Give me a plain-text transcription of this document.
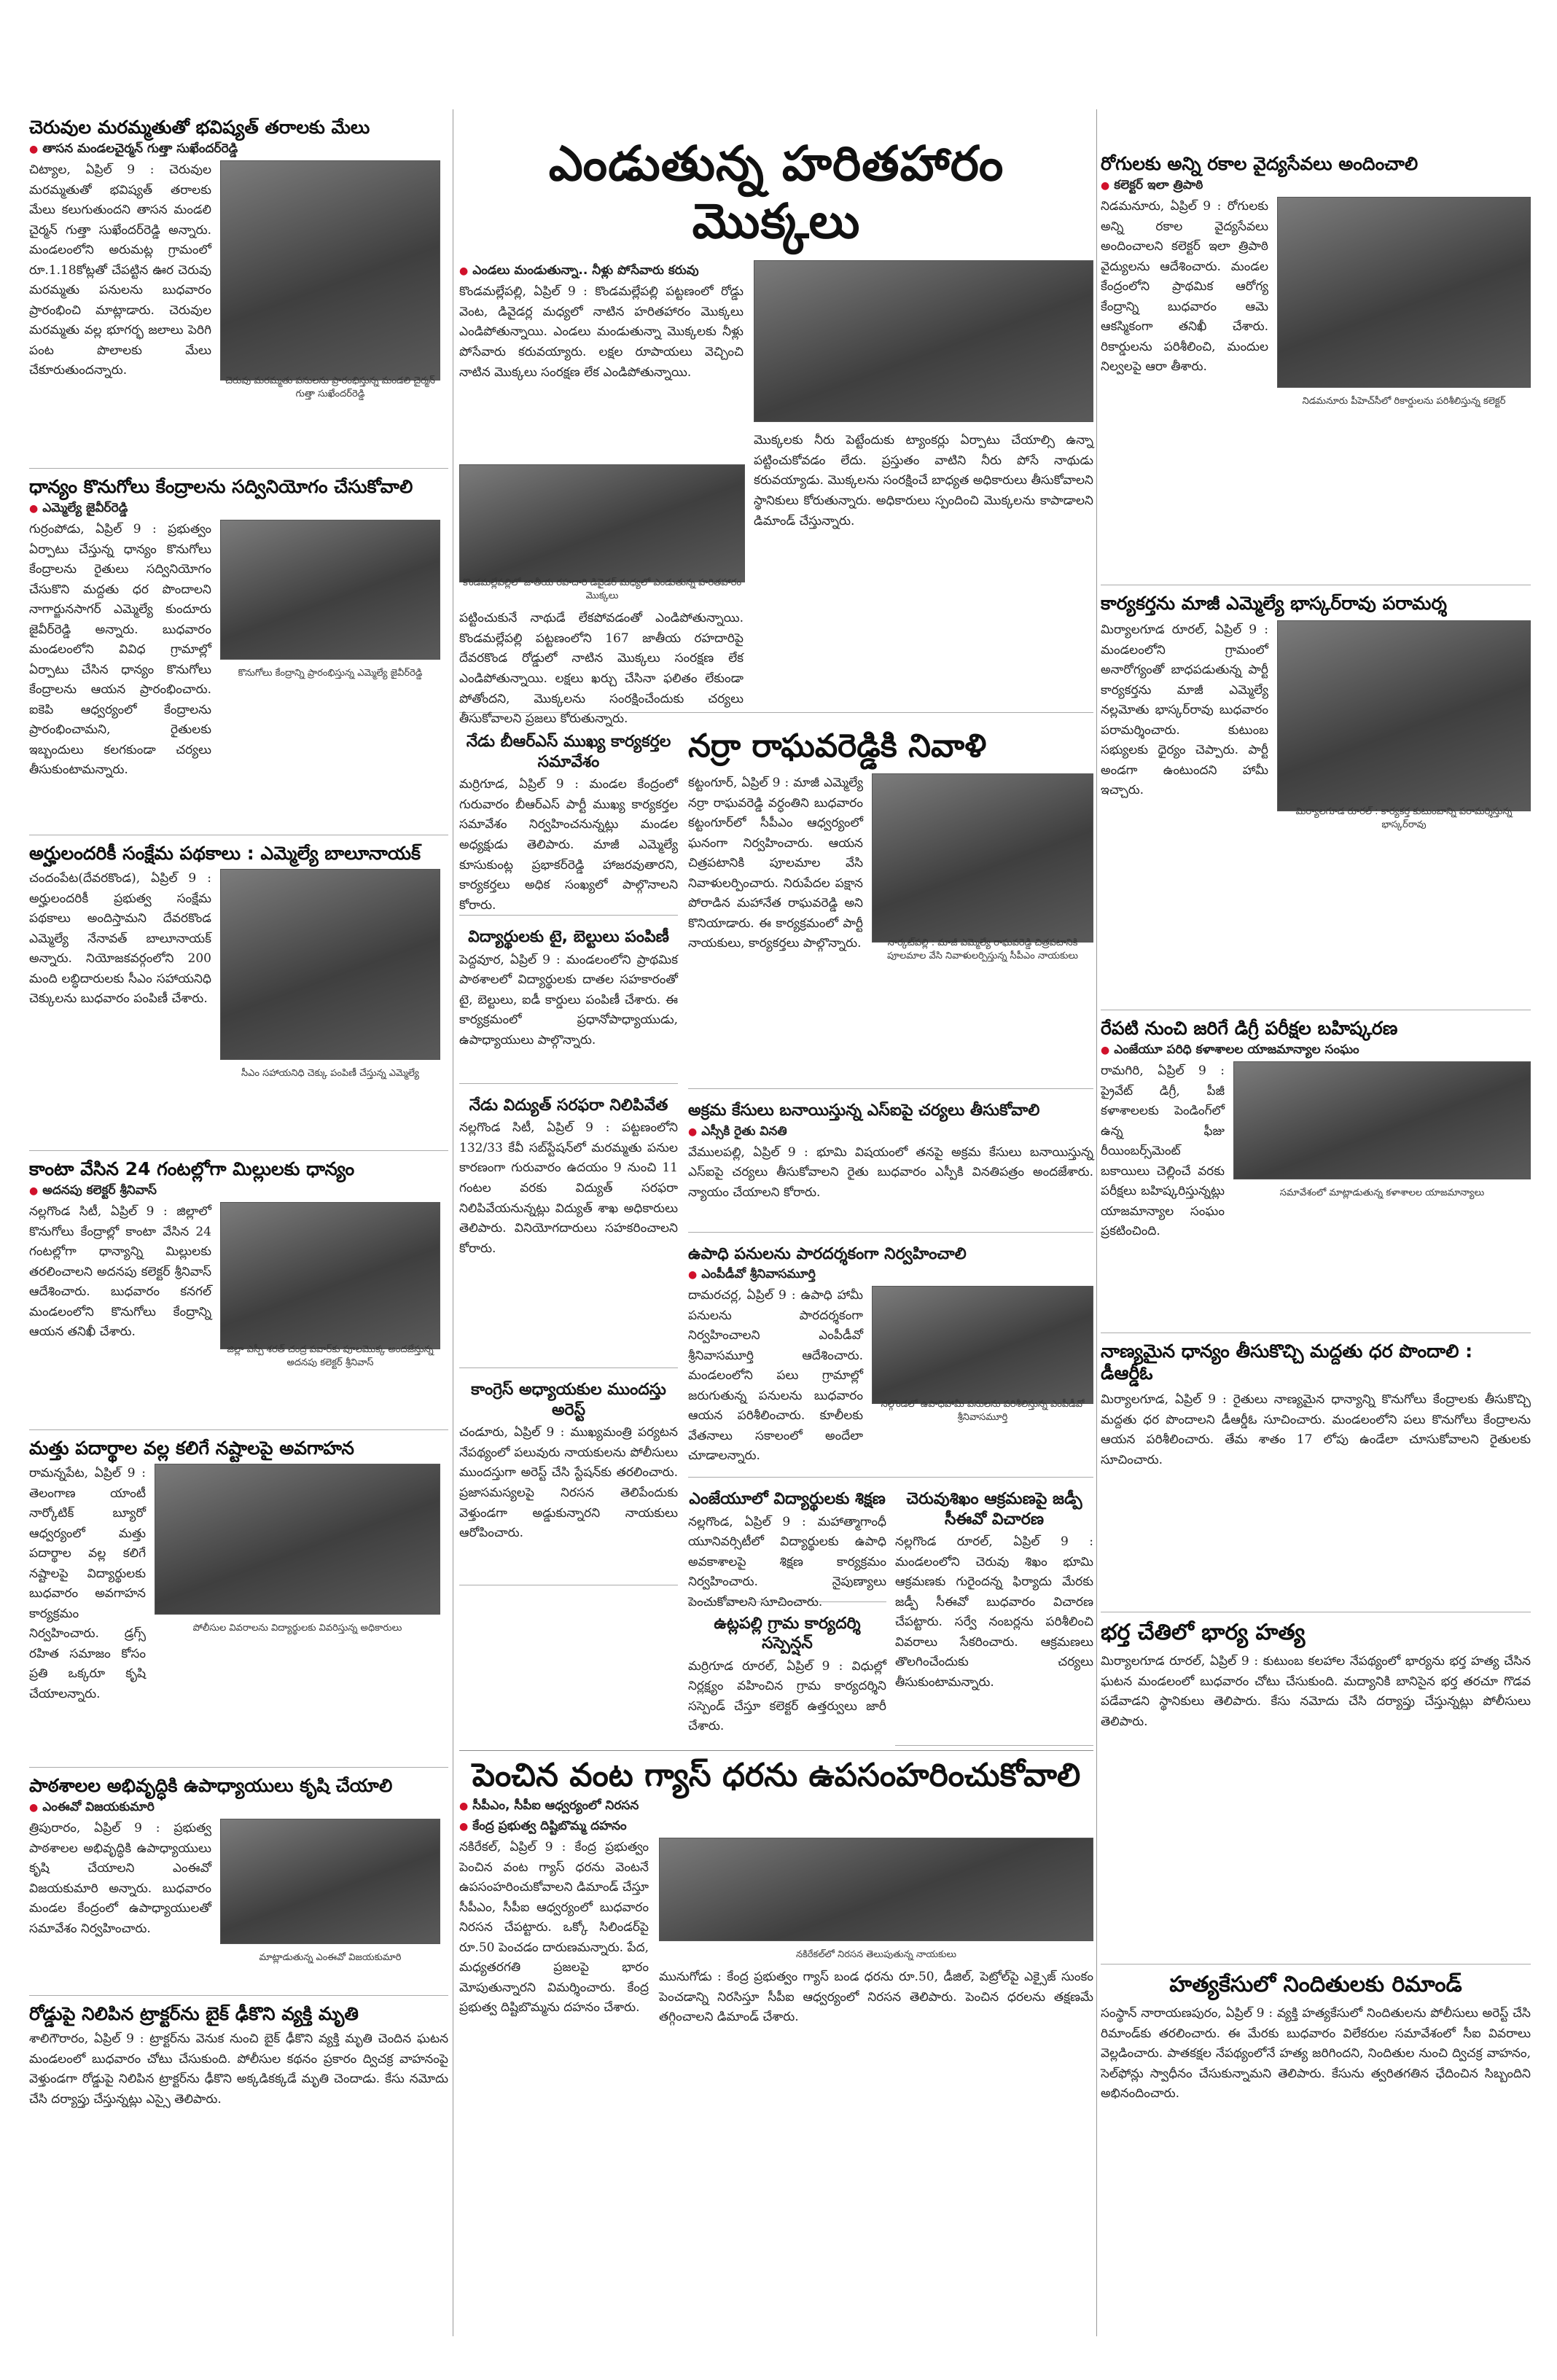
చెరువుల మరమ్మతుతో భవిష్యత్ తరాలకు మేలు
● తాసన మండలచైర్మన్ గుత్తా సుఖేందర్‌రెడ్డి

చిట్యాల, ఏప్రిల్ 9 : చెరువుల మరమ్మతుతో భవిష్యత్ తరాలకు మేలు కలుగుతుందని తాసన మండలి చైర్మన్ గుత్తా సుఖేందర్‌రెడ్డి అన్నారు. మండలంలోని అరుమట్ల గ్రామంలో రూ.1.18కోట్లతో చేపట్టిన ఊర చెరువు మరమ్మతు పనులను బుధవారం ప్రారంభించి మాట్లాడారు. చెరువుల మరమ్మతు వల్ల భూగర్భ జలాలు పెరిగి పంట పొలాలకు మేలు చేకూరుతుందన్నారు.

చెరువు మరమ్మతు పనులను ప్రారంభిస్తున్న మండలి చైర్మన్ గుత్తా సుఖేందర్‌రెడ్డి
ధాన్యం కొనుగోలు కేంద్రాలను సద్వినియోగం చేసుకోవాలి
● ఎమ్మెల్యే జైవీర్‌రెడ్డి

గుర్రంపోడు, ఏప్రిల్ 9 : ప్రభుత్వం ఏర్పాటు చేస్తున్న ధాన్యం కొనుగోలు కేంద్రాలను రైతులు సద్వినియోగం చేసుకొని మద్దతు ధర పొందాలని నాగార్జునసాగర్ ఎమ్మెల్యే కుందూరు జైవీర్‌రెడ్డి అన్నారు. బుధవారం మండలంలోని వివిధ గ్రామాల్లో ఏర్పాటు చేసిన ధాన్యం కొనుగోలు కేంద్రాలను ఆయన ప్రారంభించారు. ఐకెపి ఆధ్వర్యంలో కేంద్రాలను ప్రారంభించామని, రైతులకు ఇబ్బందులు కలగకుండా చర్యలు తీసుకుంటామన్నారు.

కొనుగోలు కేంద్రాన్ని ప్రారంభిస్తున్న ఎమ్మెల్యే జైవీర్‌రెడ్డి
అర్హులందరికీ సంక్షేమ పథకాలు : ఎమ్మెల్యే బాలూనాయక్

చందంపేట(దేవరకొండ), ఏప్రిల్ 9 : అర్హులందరికీ ప్రభుత్వ సంక్షేమ పథకాలు అందిస్తామని దేవరకొండ ఎమ్మెల్యే నేనావత్ బాలూనాయక్ అన్నారు. నియోజకవర్గంలోని 200 మంది లబ్ధిదారులకు సీఎం సహాయనిధి చెక్కులను బుధవారం పంపిణీ చేశారు.

సీఎం సహాయనిధి చెక్కు పంపిణీ చేస్తున్న ఎమ్మెల్యే
కాంటా వేసిన 24 గంటల్లోగా మిల్లులకు ధాన్యం
● అదనపు కలెక్టర్ శ్రీనివాస్

నల్లగొండ సిటీ, ఏప్రిల్ 9 : జిల్లాలో కొనుగోలు కేంద్రాల్లో కాంటా వేసిన 24 గంటల్లోగా ధాన్యాన్ని మిల్లులకు తరలించాలని అదనపు కలెక్టర్ శ్రీనివాస్ ఆదేశించారు. బుధవారం కనగల్ మండలంలోని కొనుగోలు కేంద్రాన్ని ఆయన తనిఖీ చేశారు.

జిల్లా ఎస్పీ శరత్ చంద్ర పవార్‌కు పూలమొక్క అందజేస్తున్న అదనపు కలెక్టర్ శ్రీనివాస్
మత్తు పదార్థాల వల్ల కలిగే నష్టాలపై అవగాహన

రామన్నపేట, ఏప్రిల్ 9 : తెలంగాణ యాంటీ నార్కోటిక్ బ్యూరో ఆధ్వర్యంలో మత్తు పదార్థాల వల్ల కలిగే నష్టాలపై విద్యార్థులకు బుధవారం అవగాహన కార్యక్రమం నిర్వహించారు. డ్రగ్స్ రహిత సమాజం కోసం ప్రతి ఒక్కరూ కృషి చేయాలన్నారు.

పోలీసుల వివరాలను విద్యార్థులకు వివరిస్తున్న అధికారులు
పాఠశాలల అభివృద్ధికి ఉపాధ్యాయులు కృషి చేయాలి
● ఎంఈవో విజయకుమారి

త్రిపురారం, ఏప్రిల్ 9 : ప్రభుత్వ పాఠశాలల అభివృద్ధికి ఉపాధ్యాయులు కృషి చేయాలని ఎంఈవో విజయకుమారి అన్నారు. బుధవారం మండల కేంద్రంలో ఉపాధ్యాయులతో సమావేశం నిర్వహించారు.

మాట్లాడుతున్న ఎంఈవో విజయకుమారి
రోడ్డుపై నిలిపిన ట్రాక్టర్‌ను బైక్ ఢీకొని వ్యక్తి మృతి

శాలిగౌరారం, ఏప్రిల్ 9 : ట్రాక్టర్‌ను వెనుక నుంచి బైక్ ఢీకొని వ్యక్తి మృతి చెందిన ఘటన మండలంలో బుధవారం చోటు చేసుకుంది. పోలీసుల కథనం ప్రకారం ద్విచక్ర వాహనంపై వెళ్తుండగా రోడ్డుపై నిలిపిన ట్రాక్టర్‌ను ఢీకొని అక్కడికక్కడే మృతి చెందాడు. కేసు నమోదు చేసి దర్యాప్తు చేస్తున్నట్లు ఎస్సై తెలిపారు.

ఎండుతున్న హరితహారం మొక్కలు
● ఎండలు మండుతున్నా.. నీళ్లు పోసేవారు కరువు

కొండమల్లేపల్లి, ఏప్రిల్ 9 : కొండమల్లేపల్లి పట్టణంలో రోడ్డు వెంట, డివైడర్ల మధ్యలో నాటిన హరితహారం మొక్కలు ఎండిపోతున్నాయి. ఎండలు మండుతున్నా మొక్కలకు నీళ్లు పోసేవారు కరువయ్యారు. లక్షల రూపాయలు వెచ్చించి నాటిన మొక్కలు సంరక్షణ లేక ఎండిపోతున్నాయి.

కొండమల్లేపల్లిలో జాతీయ రహదారి డివైడర్ మధ్యలో ఎండుతున్న హరితహారం మొక్కలు

పట్టించుకునే నాథుడే లేకపోవడంతో ఎండిపోతున్నాయి. కొండమల్లేపల్లి పట్టణంలోని 167 జాతీయ రహదారిపై దేవరకొండ రోడ్డులో నాటిన మొక్కలు సంరక్షణ లేక ఎండిపోతున్నాయి. లక్షలు ఖర్చు చేసినా ఫలితం లేకుండా పోతోందని, మొక్కలను సంరక్షించేందుకు చర్యలు తీసుకోవాలని ప్రజలు కోరుతున్నారు.

మొక్కలకు నీరు పెట్టేందుకు ట్యాంకర్లు ఏర్పాటు చేయాల్సి ఉన్నా పట్టించుకోవడం లేదు. ప్రస్తుతం వాటిని నీరు పోసే నాథుడు కరువయ్యాడు. మొక్కలను సంరక్షించే బాధ్యత అధికారులు తీసుకోవాలని స్థానికులు కోరుతున్నారు. అధికారులు స్పందించి మొక్కలను కాపాడాలని డిమాండ్ చేస్తున్నారు.

నేడు బీఆర్ఎస్ ముఖ్య కార్యకర్తల సమావేశం

మర్రిగూడ, ఏప్రిల్ 9 : మండల కేంద్రంలో గురువారం బీఆర్ఎస్ పార్టీ ముఖ్య కార్యకర్తల సమావేశం నిర్వహించనున్నట్లు మండల అధ్యక్షుడు తెలిపారు. మాజీ ఎమ్మెల్యే కూసుకుంట్ల ప్రభాకర్‌రెడ్డి హాజరవుతారని, కార్యకర్తలు అధిక సంఖ్యలో పాల్గొనాలని కోరారు.

విద్యార్థులకు టై, బెల్టులు పంపిణీ

పెద్దవూర, ఏప్రిల్ 9 : మండలంలోని ప్రాథమిక పాఠశాలలో విద్యార్థులకు దాతల సహకారంతో టై, బెల్టులు, ఐడీ కార్డులు పంపిణీ చేశారు. ఈ కార్యక్రమంలో ప్రధానోపాధ్యాయుడు, ఉపాధ్యాయులు పాల్గొన్నారు.

నేడు విద్యుత్ సరఫరా నిలిపివేత

నల్లగొండ సిటీ, ఏప్రిల్ 9 : పట్టణంలోని 132/33 కేవీ సబ్‌స్టేషన్‌లో మరమ్మతు పనుల కారణంగా గురువారం ఉదయం 9 నుంచి 11 గంటల వరకు విద్యుత్ సరఫరా నిలిపివేయనున్నట్లు విద్యుత్ శాఖ అధికారులు తెలిపారు. వినియోగదారులు సహకరించాలని కోరారు.

కాంగ్రెస్ అధ్యాయకుల ముందస్తు అరెస్ట్

చండూరు, ఏప్రిల్ 9 : ముఖ్యమంత్రి పర్యటన నేపథ్యంలో పలువురు నాయకులను పోలీసులు ముందస్తుగా అరెస్ట్ చేసి స్టేషన్‌కు తరలించారు. ప్రజాసమస్యలపై నిరసన తెలిపేందుకు వెళ్తుండగా అడ్డుకున్నారని నాయకులు ఆరోపించారు.

నర్రా రాఘవరెడ్డికి నివాళి

కట్టంగూర్, ఏప్రిల్ 9 : మాజీ ఎమ్మెల్యే నర్రా రాఘవరెడ్డి వర్ధంతిని బుధవారం కట్టంగూర్‌లో సీపీఎం ఆధ్వర్యంలో ఘనంగా నిర్వహించారు. ఆయన చిత్రపటానికి పూలమాల వేసి నివాళులర్పించారు. నిరుపేదల పక్షాన పోరాడిన మహానేత రాఘవరెడ్డి అని కొనియాడారు. ఈ కార్యక్రమంలో పార్టీ నాయకులు, కార్యకర్తలు పాల్గొన్నారు.	నార్కట్‌పల్లి : మాజీ ఎమ్మెల్యే రాఘవరెడ్డి చిత్రపటానికి పూలమాల వేసి నివాళులర్పిస్తున్న సీపీఎం నాయకులు
అక్రమ కేసులు బనాయిస్తున్న ఎస్ఐపై చర్యలు తీసుకోవాలి
● ఎస్సీకి రైతు వినతి

వేములపల్లి, ఏప్రిల్ 9 : భూమి విషయంలో తనపై అక్రమ కేసులు బనాయిస్తున్న ఎస్ఐపై చర్యలు తీసుకోవాలని రైతు బుధవారం ఎస్పీకి వినతిపత్రం అందజేశారు. న్యాయం చేయాలని కోరారు.

ఉపాధి పనులను పారదర్శకంగా నిర్వహించాలి
● ఎంపీడీవో శ్రీనివాసమూర్తి

దామరచర్ల, ఏప్రిల్ 9 : ఉపాధి హామీ పనులను పారదర్శకంగా నిర్వహించాలని ఎంపీడీవో శ్రీనివాసమూర్తి ఆదేశించారు. మండలంలోని పలు గ్రామాల్లో జరుగుతున్న పనులను బుధవారం ఆయన పరిశీలించారు. కూలీలకు వేతనాలు సకాలంలో అందేలా చూడాలన్నారు.

నల్గొండలో ఉపాధిహామీ పనులను పరిశీలిస్తున్న ఎంపీడీవో శ్రీనివాసమూర్తి
ఎంజేయూలో విద్యార్థులకు శిక్షణ

నల్లగొండ, ఏప్రిల్ 9 : మహాత్మాగాంధీ యూనివర్సిటీలో విద్యార్థులకు ఉపాధి అవకాశాలపై శిక్షణ కార్యక్రమం నిర్వహించారు. నైపుణ్యాలు పెంచుకోవాలని సూచించారు.

ఉట్లపల్లి గ్రామ కార్యదర్శి సస్పెన్షన్

మర్రిగూడ రూరల్, ఏప్రిల్ 9 : విధుల్లో నిర్లక్ష్యం వహించిన గ్రామ కార్యదర్శిని సస్పెండ్ చేస్తూ కలెక్టర్ ఉత్తర్వులు జారీ చేశారు.

చెరువుశిఖం ఆక్రమణపై జడ్పీ సీఈవో విచారణ

నల్లగొండ రూరల్, ఏప్రిల్ 9 : మండలంలోని చెరువు శిఖం భూమి ఆక్రమణకు గురైందన్న ఫిర్యాదు మేరకు జడ్పీ సీఈవో బుధవారం విచారణ చేపట్టారు. సర్వే నంబర్లను పరిశీలించి వివరాలు సేకరించారు. ఆక్రమణలు తొలగించేందుకు చర్యలు తీసుకుంటామన్నారు.

పెంచిన వంట గ్యాస్ ధరను ఉపసంహరించుకోవాలి
● సీపీఎం, సీపీఐ ఆధ్వర్యంలో నిరసన
● కేంద్ర ప్రభుత్వ దిష్టిబొమ్మ దహనం

నకిరేకల్, ఏప్రిల్ 9 : కేంద్ర ప్రభుత్వం పెంచిన వంట గ్యాస్ ధరను వెంటనే ఉపసంహరించుకోవాలని డిమాండ్ చేస్తూ సీపీఎం, సీపీఐ ఆధ్వర్యంలో బుధవారం నిరసన చేపట్టారు. ఒక్కో సిలిండర్‌పై రూ.50 పెంచడం దారుణమన్నారు. పేద, మధ్యతరగతి ప్రజలపై భారం మోపుతున్నారని విమర్శించారు. కేంద్ర ప్రభుత్వ దిష్టిబొమ్మను దహనం చేశారు.

నకిరేకల్‌లో నిరసన తెలుపుతున్న నాయకులు

మునుగోడు : కేంద్ర ప్రభుత్వం గ్యాస్ బండ ధరను రూ.50, డీజిల్, పెట్రోల్‌పై ఎక్సైజ్ సుంకం పెంచడాన్ని నిరసిస్తూ సీపీఐ ఆధ్వర్యంలో నిరసన తెలిపారు. పెంచిన ధరలను తక్షణమే తగ్గించాలని డిమాండ్ చేశారు.

రోగులకు అన్ని రకాల వైద్యసేవలు అందించాలి
● కలెక్టర్ ఇలా త్రిపాఠి

నిడమనూరు, ఏప్రిల్ 9 : రోగులకు అన్ని రకాల వైద్యసేవలు అందించాలని కలెక్టర్ ఇలా త్రిపాఠి వైద్యులను ఆదేశించారు. మండల కేంద్రంలోని ప్రాథమిక ఆరోగ్య కేంద్రాన్ని బుధవారం ఆమె ఆకస్మికంగా తనిఖీ చేశారు. రికార్డులను పరిశీలించి, మందుల నిల్వలపై ఆరా తీశారు.

నిడమనూరు పీహెచ్‌సీలో రికార్డులను పరిశీలిస్తున్న కలెక్టర్
కార్యకర్తను మాజీ ఎమ్మెల్యే భాస్కర్‌రావు పరామర్శ

మిర్యాలగూడ రూరల్, ఏప్రిల్ 9 : మండలంలోని గ్రామంలో అనారోగ్యంతో బాధపడుతున్న పార్టీ కార్యకర్తను మాజీ ఎమ్మెల్యే నల్లమోతు భాస్కర్‌రావు బుధవారం పరామర్శించారు. కుటుంబ సభ్యులకు ధైర్యం చెప్పారు. పార్టీ అండగా ఉంటుందని హామీ ఇచ్చారు.

మిర్యాలగూడ రూరల్ : కార్యకర్త కుటుంబాన్ని పరామర్శిస్తున్న భాస్కర్‌రావు
రేపటి నుంచి జరిగే డిగ్రీ పరీక్షల బహిష్కరణ
● ఎంజేయూ పరిధి కళాశాలల యాజమాన్యాల సంఘం

రామగిరి, ఏప్రిల్ 9 : ప్రైవేట్ డిగ్రీ, పీజీ కళాశాలలకు పెండింగ్‌లో ఉన్న ఫీజు రీయింబర్స్‌మెంట్ బకాయిలు చెల్లించే వరకు పరీక్షలు బహిష్కరిస్తున్నట్లు యాజమాన్యాల సంఘం ప్రకటించింది.

సమావేశంలో మాట్లాడుతున్న కళాశాలల యాజమాన్యాలు
నాణ్యమైన ధాన్యం తీసుకొచ్చి మద్దతు ధర పొందాలి : డీఆర్డీఓ

మిర్యాలగూడ, ఏప్రిల్ 9 : రైతులు నాణ్యమైన ధాన్యాన్ని కొనుగోలు కేంద్రాలకు తీసుకొచ్చి మద్దతు ధర పొందాలని డీఆర్డీఓ సూచించారు. మండలంలోని పలు కొనుగోలు కేంద్రాలను ఆయన పరిశీలించారు. తేమ శాతం 17 లోపు ఉండేలా చూసుకోవాలని రైతులకు సూచించారు.

భర్త చేతిలో భార్య హత్య

మిర్యాలగూడ రూరల్, ఏప్రిల్ 9 : కుటుంబ కలహాల నేపథ్యంలో భార్యను భర్త హత్య చేసిన ఘటన మండలంలో బుధవారం చోటు చేసుకుంది. మద్యానికి బానిసైన భర్త తరచూ గొడవ పడేవాడని స్థానికులు తెలిపారు. కేసు నమోదు చేసి దర్యాప్తు చేస్తున్నట్లు పోలీసులు తెలిపారు.

హత్యకేసులో నిందితులకు రిమాండ్

సంస్థాన్ నారాయణపురం, ఏప్రిల్ 9 : వ్యక్తి హత్యకేసులో నిందితులను పోలీసులు అరెస్ట్ చేసి రిమాండ్‌కు తరలించారు. ఈ మేరకు బుధవారం విలేకరుల సమావేశంలో సీఐ వివరాలు వెల్లడించారు. పాతకక్షల నేపథ్యంలోనే హత్య జరిగిందని, నిందితుల నుంచి ద్విచక్ర వాహనం, సెల్‌ఫోన్లు స్వాధీనం చేసుకున్నామని తెలిపారు. కేసును త్వరితగతిన ఛేదించిన సిబ్బందిని అభినందించారు.
